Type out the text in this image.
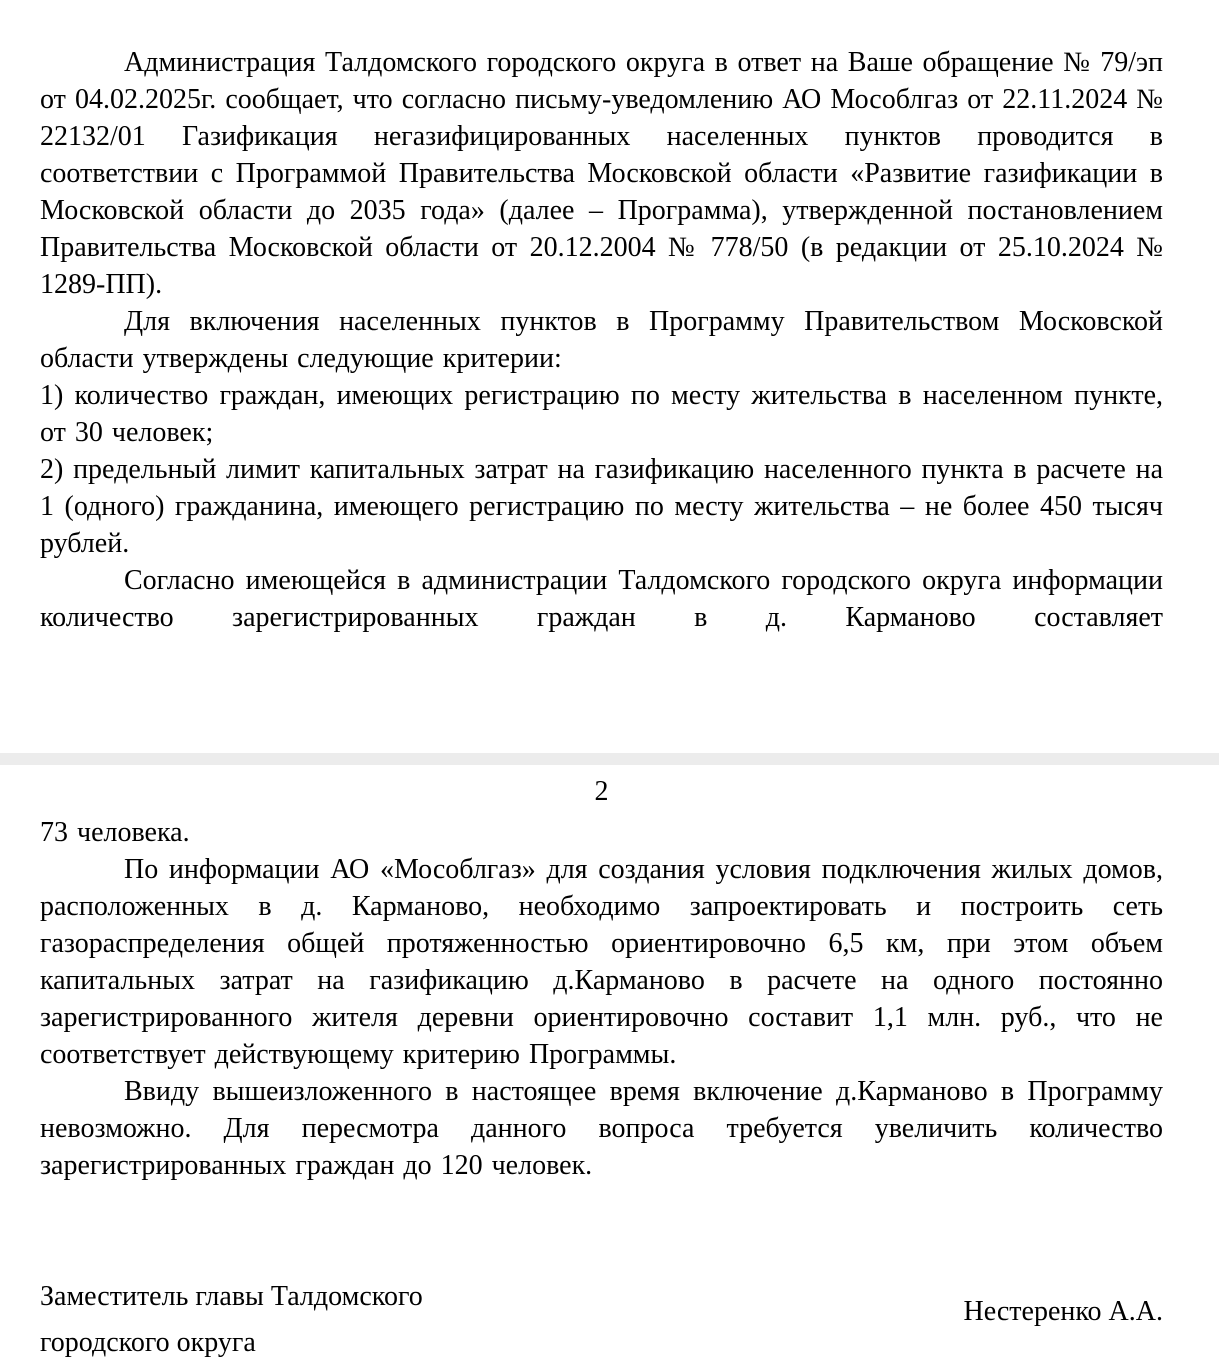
Администрация Талдомского городского округа в ответ на Ваше обращение № 79/эп от 04.02.2025г. сообщает, что согласно письму-уведомлению АО Мособлгаз от 22.11.2024 № 22132/01 Газификация негазифицированных населенных пунктов проводится в соответствии с Программой Правительства Московской области «Развитие газификации в Московской области до 2035 года» (далее – Программа), утвержденной постановлением Правительства Московской области от 20.12.2004 № 778/50 (в редакции от 25.10.2024 № 1289-ПП).

Для включения населенных пунктов в Программу Правительством Московской области утверждены следующие критерии:

1) количество граждан, имеющих регистрацию по месту жительства в населенном пункте, от 30 человек;

2) предельный лимит капитальных затрат на газификацию населенного пункта в расчете на 1 (одного) гражданина, имеющего регистрацию по месту жительства – не более 450 тысяч рублей.

Согласно имеющейся в администрации Талдомского городского округа информации количество зарегистрированных граждан в д. Карманово составляет

2

73 человека.

По информации АО «Мособлгаз» для создания условия подключения жилых домов, расположенных в д. Карманово, необходимо запроектировать и построить сеть газораспределения общей протяженностью ориентировочно 6,5 км, при этом объем капитальных затрат на газификацию д.Карманово в расчете на одного постоянно зарегистрированного жителя деревни ориентировочно составит 1,1 млн. руб., что не соответствует действующему критерию Программы.

Ввиду вышеизложенного в настоящее время включение д.Карманово в Программу невозможно. Для пересмотра данного вопроса требуется увеличить количество зарегистрированных граждан до 120 человек.

Заместитель главы Талдомского
городского округа
Нестеренко А.А.
